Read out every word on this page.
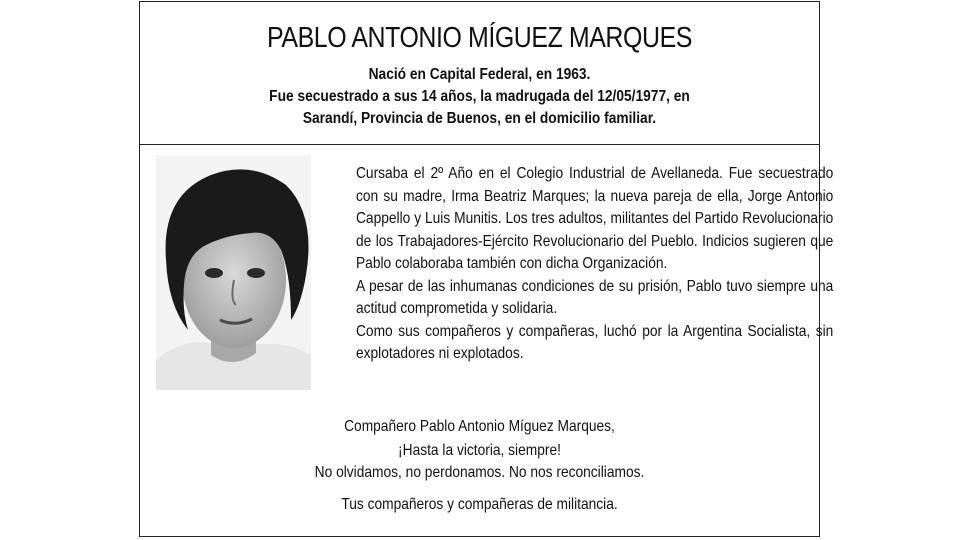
PABLO ANTONIO MÍGUEZ MARQUES
Nació en Capital Federal, en 1963.
Fue secuestrado a sus 14 años, la madrugada del 12/05/1977, en
Sarandí, Provincia de Buenos, en el domicilio familiar.

Cursaba el 2º Año en el Colegio Industrial de Avellaneda. Fue secuestrado con su madre, Irma Beatriz Marques; la nueva pareja de ella, Jorge Antonio Cappello y Luis Munitis. Los tres adultos, militantes del Partido Revolucionario de los Trabajadores-Ejército Revolucionario del Pueblo. Indicios sugieren que Pablo colaboraba también con dicha Organización.

A pesar de las inhumanas condiciones de su prisión, Pablo tuvo siempre una actitud comprometida y solidaria.

Como sus compañeros y compañeras, luchó por la Argentina Socialista, sin explotadores ni explotados.

Compañero Pablo Antonio Míguez Marques,
¡Hasta la victoria, siempre!
No olvidamos, no perdonamos. No nos reconciliamos.
Tus compañeros y compañeras de militancia.
